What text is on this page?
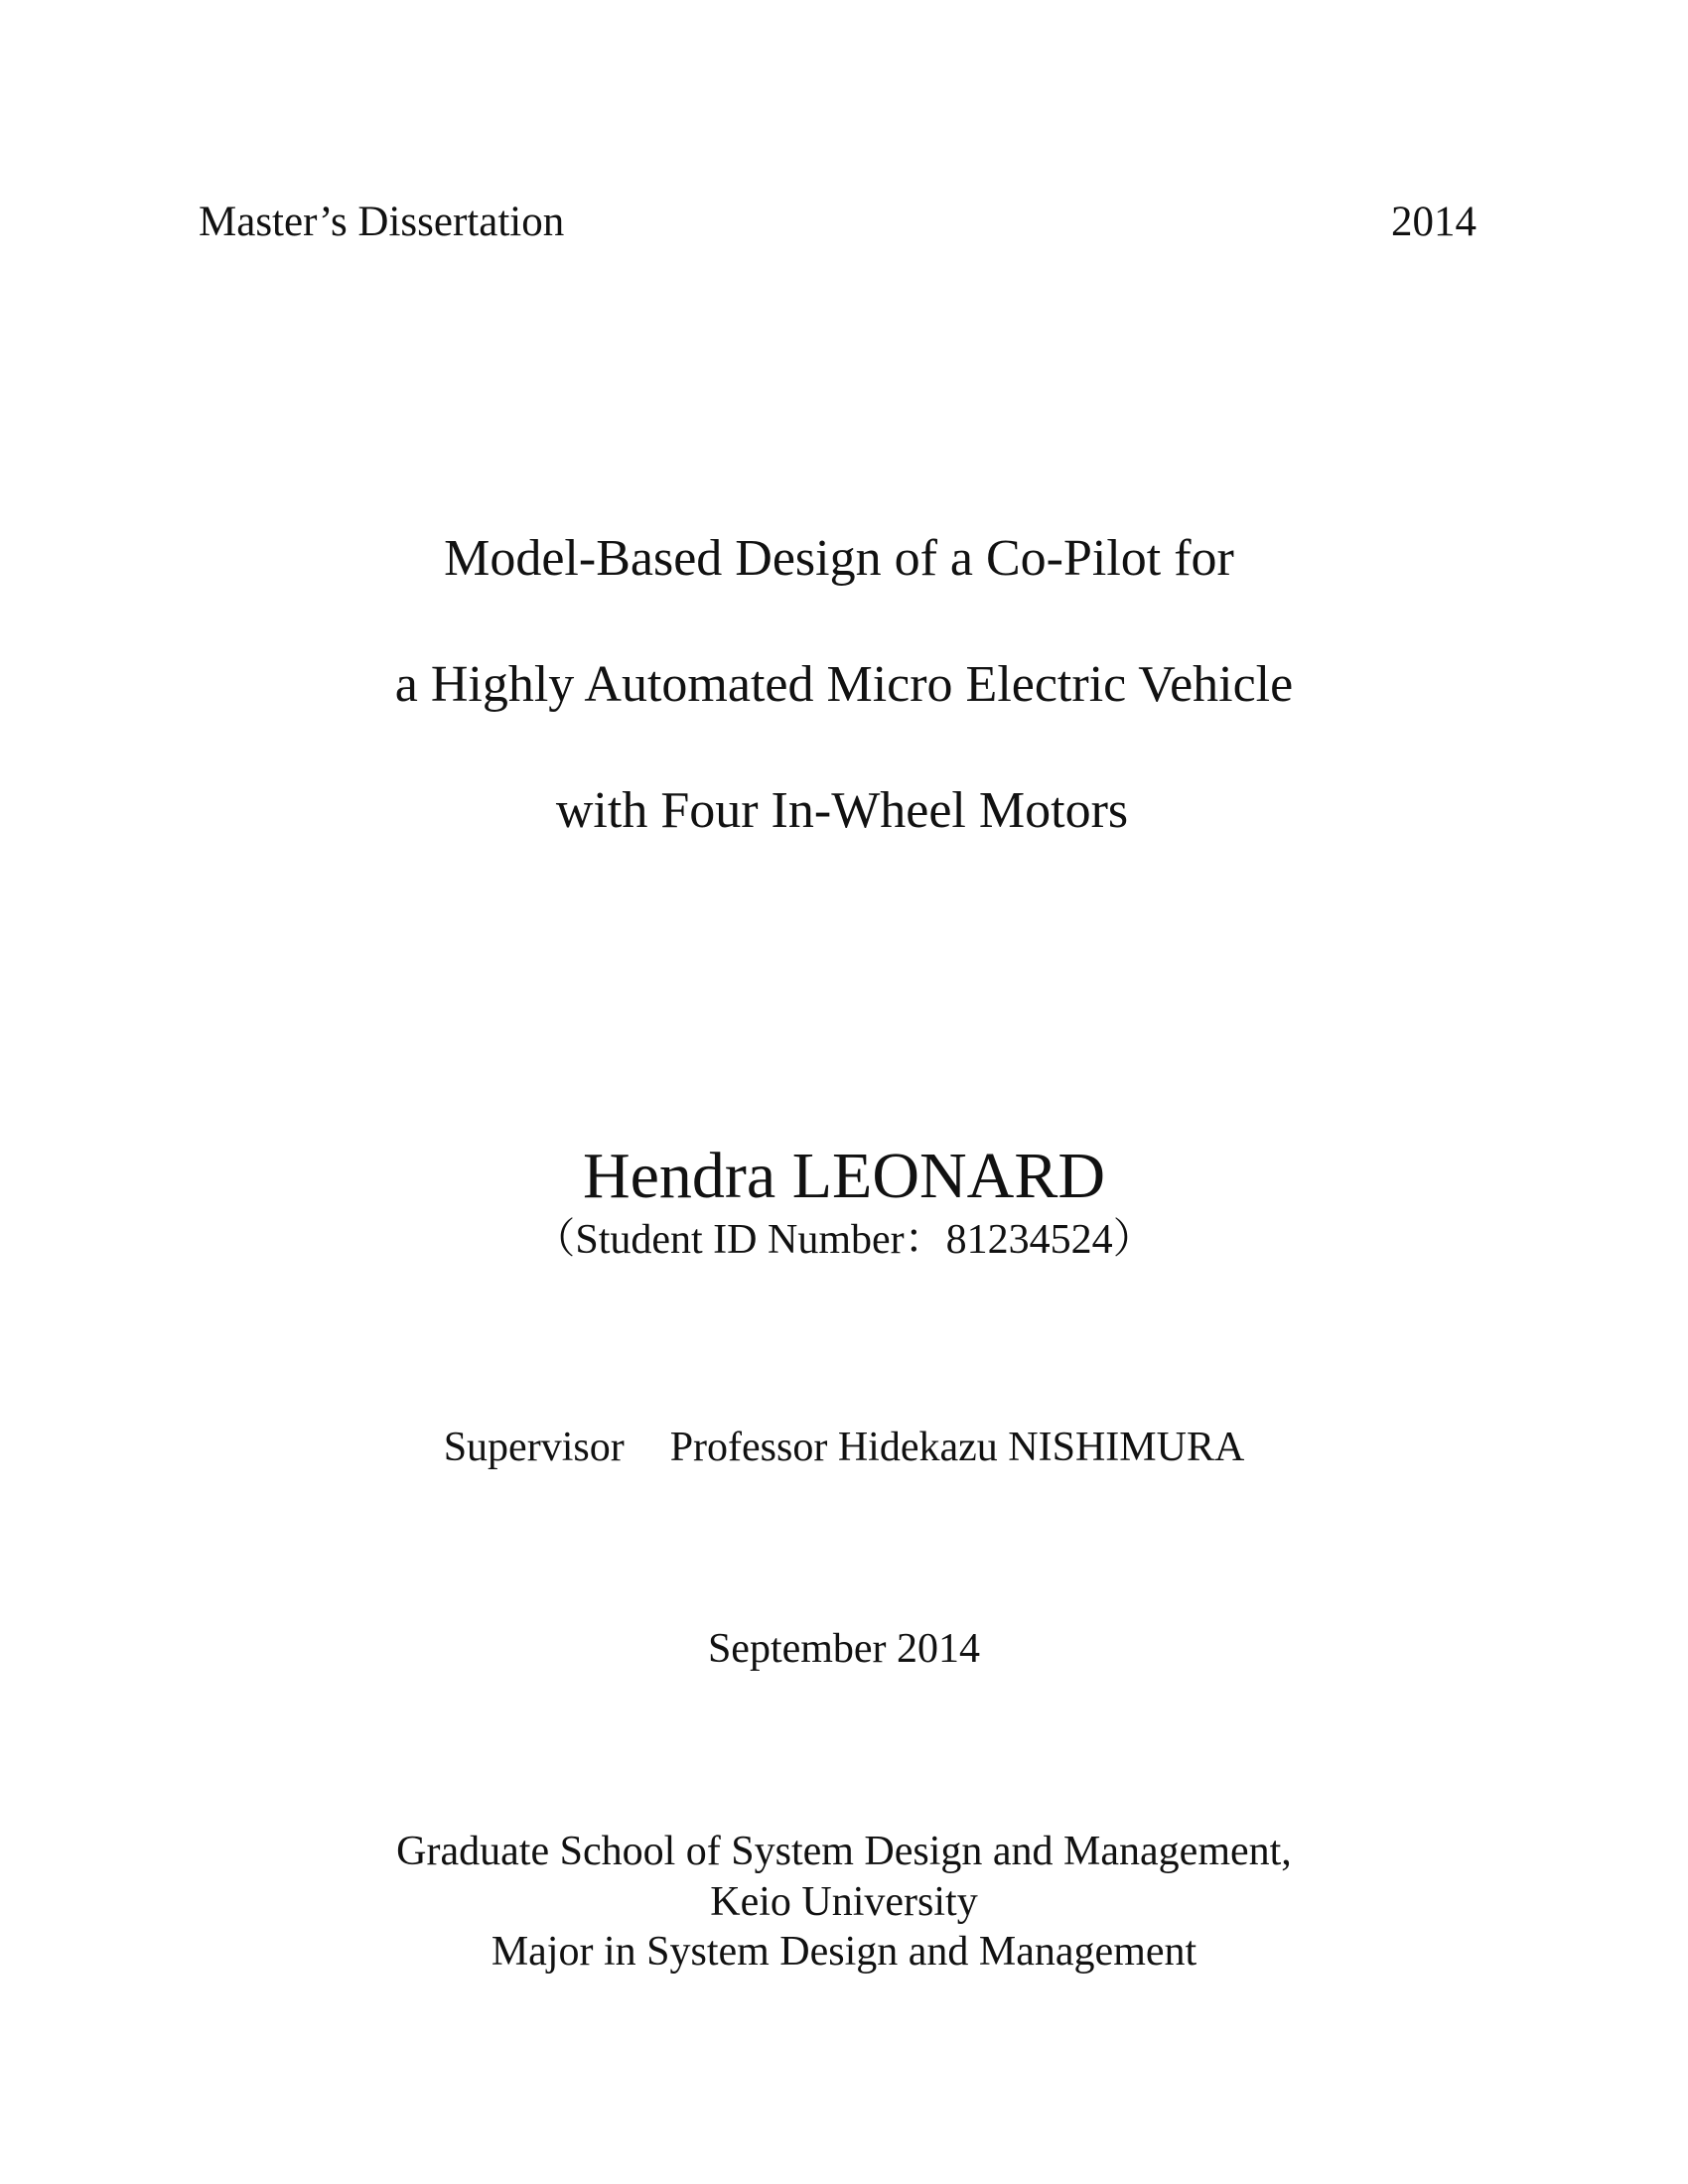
Master’s Dissertation	2014
Model-Based Design of a Co-Pilot for
a Highly Automated Micro Electric Vehicle
with Four In-Wheel Motors
Hendra LEONARD
（Student ID Number：81234524）
Supervisor Professor Hidekazu NISHIMURA
September 2014
Graduate School of System Design and Management,
Keio University
Major in System Design and Management
